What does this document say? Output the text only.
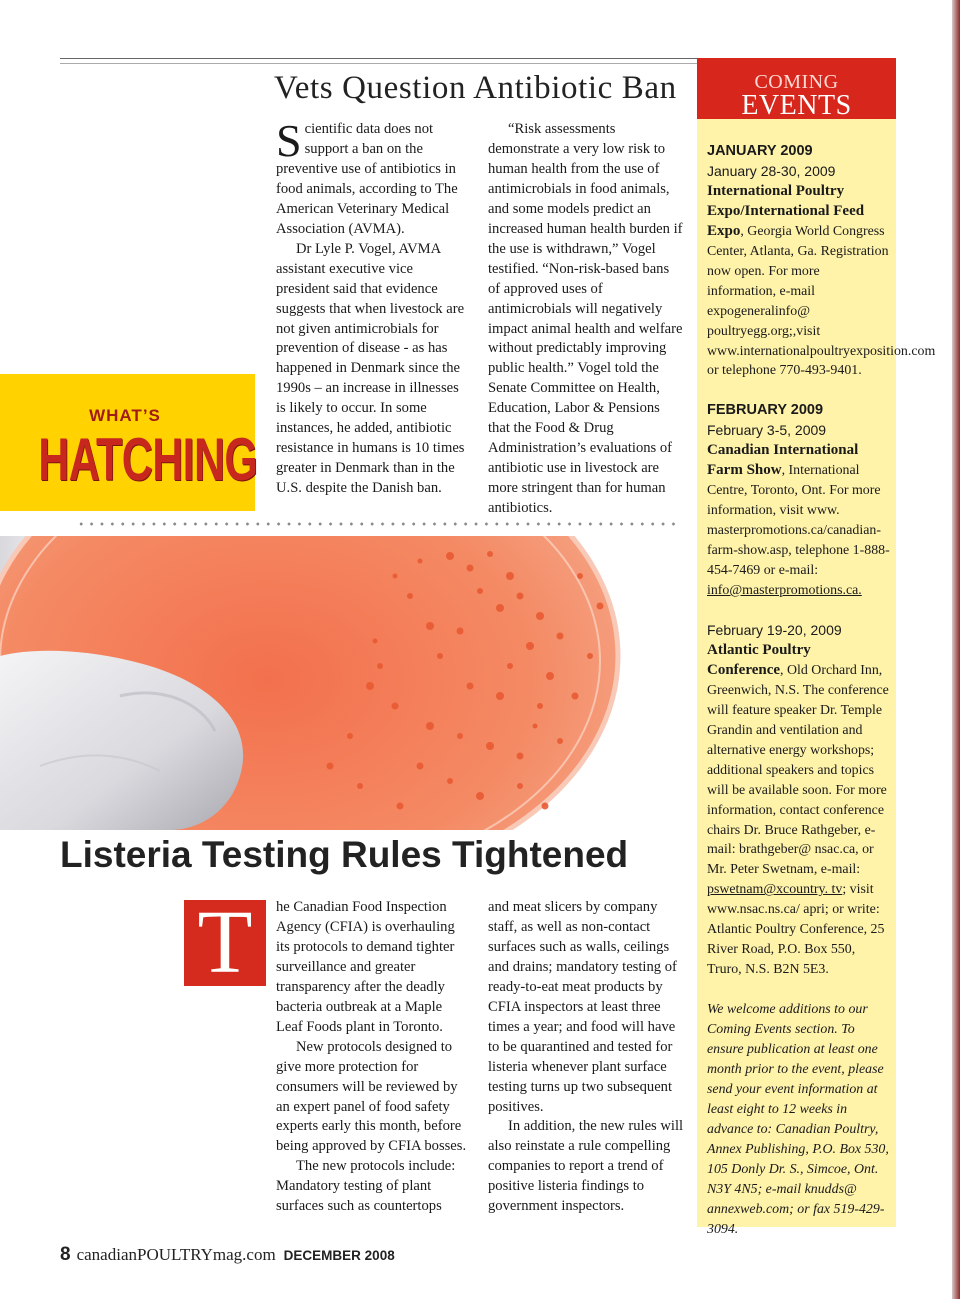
Vets Question Antibiotic Ban

Scientific data does not support a ban on the preventive use of antibiotics in food animals, according to The American Veterinary Medical Association (AVMA).

Dr Lyle P. Vogel, AVMA assistant executive vice president said that evidence suggests that when livestock are not given antimicrobials for prevention of disease - as has happened in Denmark since the 1990s – an increase in illnesses is likely to occur. In some instances, he added, antibiotic resistance in humans is 10 times greater in Denmark than in the U.S. despite the Danish ban.

“Risk assessments demonstrate a very low risk to human health from the use of antimicrobials in food animals, and some models predict an increased human health burden if the use is withdrawn,” Vogel testified. “Non-risk-based bans of approved uses of antimicrobials will negatively impact animal health and welfare without predictably improving public health.” Vogel told the Senate Committee on Health, Education, Labor & Pensions that the Food & Drug Administration’s evaluations of antibiotic use in livestock are more stringent than for human antibiotics.

WHAT’S
HATCHING
Listeria Testing Rules Tightened
T	he Canadian Food Inspection Agency (CFIA) is overhauling its protocols to demand tighter surveillance and greater transparency after the deadly bacteria outbreak at a Maple Leaf Foods plant in Toronto.

New protocols designed to give more protection for consumers will be reviewed by an expert panel of food safety experts early this month, before being approved by CFIA bosses.

The new protocols include: Mandatory testing of plant surfaces such as countertops

and meat slicers by company staff, as well as non-contact surfaces such as walls, ceilings and drains; mandatory testing of ready-to-eat meat products by CFIA inspectors at least three times a year; and food will have to be quarantined and tested for listeria whenever plant surface testing turns up two subsequent positives.

In addition, the new rules will also reinstate a rule compelling companies to report a trend of positive listeria findings to government inspectors.

8 canadianPOULTRYmag.com DECEMBER 2008
COMING
EVENTS

JANUARY 2009

January 28-30, 2009

International Poultry Expo/International Feed Expo, Georgia World Congress Center, Atlanta, Ga. Registration now open. For more information, e-mail expogeneralinfo@ poultryegg.org;,visit www.internationalpoultryexposition.com or telephone 770-493-9401.

FEBRUARY 2009

February 3-5, 2009

Canadian International Farm Show, International Centre, Toronto, Ont. For more information, visit www. masterpromotions.ca/canadian-farm-show.asp, telephone 1-888-454-7469 or e-mail: info@masterpromotions.ca.

February 19-20, 2009

Atlantic Poultry Conference, Old Orchard Inn, Greenwich, N.S. The conference will feature speaker Dr. Temple Grandin and ventilation and alternative energy workshops; additional speakers and topics will be available soon. For more information, contact conference chairs Dr. Bruce Rathgeber, e-mail: brathgeber@ nsac.ca, or Mr. Peter Swetnam, e-mail: pswetnam@xcountry. tv; visit www.nsac.ns.ca/ apri; or write: Atlantic Poultry Conference, 25 River Road, P.O. Box 550, Truro, N.S. B2N 5E3.

We welcome additions to our Coming Events section. To ensure publication at least one month prior to the event, please send your event information at least eight to 12 weeks in advance to: Canadian Poultry, Annex Publishing, P.O. Box 530, 105 Donly Dr. S., Simcoe, Ont. N3Y 4N5; e-mail knudds@ annexweb.com; or fax 519-429-3094.
